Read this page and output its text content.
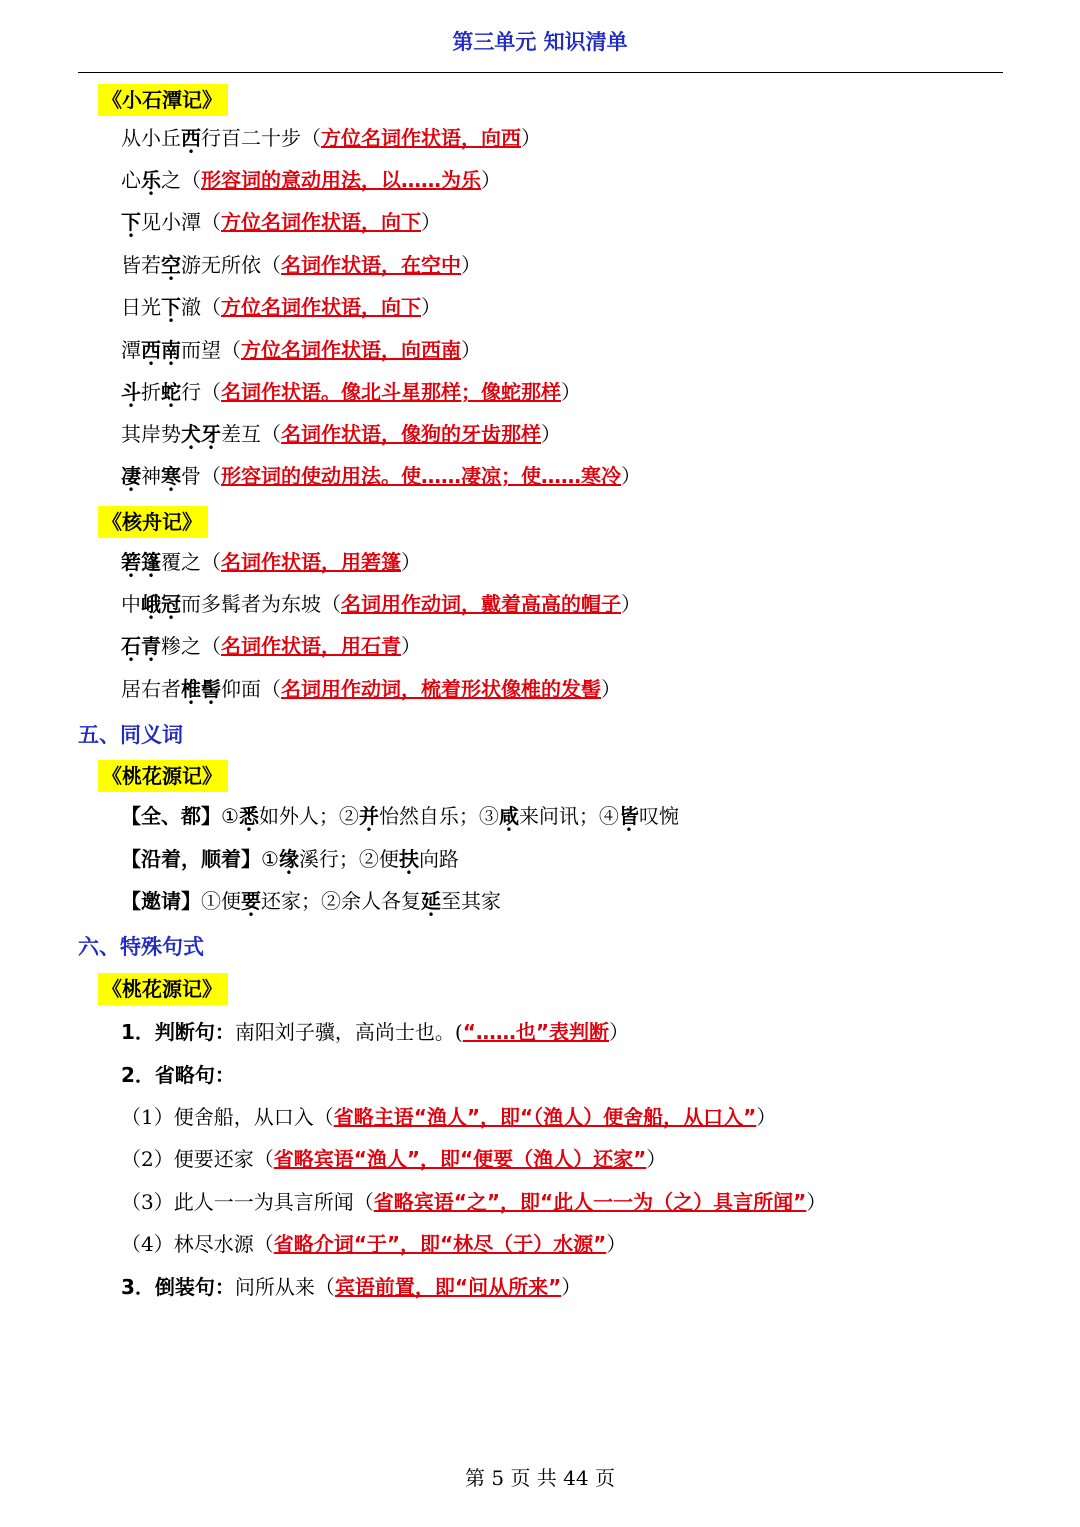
第三单元 知识清单
《小石潭记》
从小丘西行百二十步（方位名词作状语，向西）
心乐之（形容词的意动用法，以……为乐）
下见小潭（方位名词作状语，向下）
皆若空游无所依（名词作状语，在空中）
日光下澈（方位名词作状语，向下）
潭西南而望（方位名词作状语，向西南）
斗折蛇行（名词作状语。像北斗星那样；像蛇那样）
其岸势犬牙差互（名词作状语，像狗的牙齿那样）
凄神寒骨（形容词的使动用法。使……凄凉；使……寒冷）
《核舟记》
箬篷覆之（名词作状语，用箬篷）
中峨冠而多髯者为东坡（名词用作动词，戴着高高的帽子）
石青糁之（名词作状语，用石青）
居右者椎髻仰面（名词用作动词，梳着形状像椎的发髻）
五、同义词
《桃花源记》
【全、都】①悉如外人；②并怡然自乐；③咸来问讯；④皆叹惋
【沿着，顺着】①缘溪行；②便扶向路
【邀请】①便要还家；②余人各复延至其家
六、特殊句式
《桃花源记》
1．判断句：南阳刘子骥，高尚士也。(“……也”表判断）
2．省略句：
（1）便舍船，从口入（省略主语“渔人”，即“（渔人）便舍船，从口入”）
（2）便要还家（省略宾语“渔人”，即“便要（渔人）还家”）
（3）此人一一为具言所闻（省略宾语“之”，即“此人一一为（之）具言所闻”）
（4）林尽水源（省略介词“于”，即“林尽（于）水源”）
3．倒装句：问所从来（宾语前置，即“问从所来”）
第 5 页 共 44 页
